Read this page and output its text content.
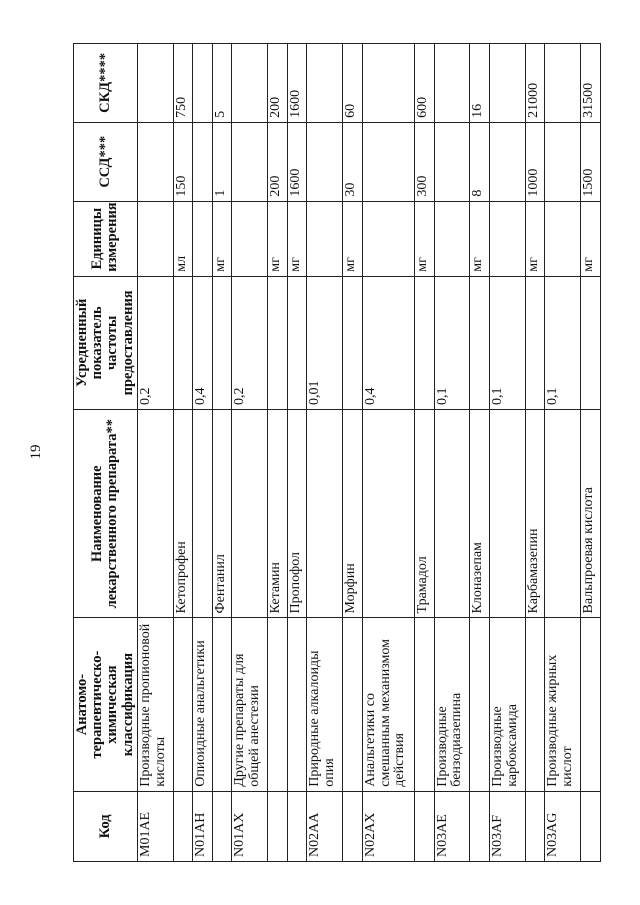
19
Код	Анатомо-терапевтическо-химическая классификация	Наименование лекарственного препарата**	Усредненный показатель частоты предоставления	Единицы измерения	ССД***	СКД****
M01AE	Производные пропионовой кислоты		0,2			
		Кетопрофен		мл	150	750
N01AH	Опиоидные анальгетики		0,4			
		Фентанил		мг	1	5
N01AX	Другие препараты для общей анестезии		0,2			
		Кетамин		мг	200	200
		Пропофол		мг	1600	1600
N02AA	Природные алкалоиды опия		0,01			
		Морфин		мг	30	60
N02AX	Анальгетики со смешанным механизмом действия		0,4			
		Трамадол		мг	300	600
N03AE	Производные бензодиазепина		0,1			
		Клоназепам		мг	8	16
N03AF	Производные карбоксамида		0,1			
		Карбамазепин		мг	1000	21000
N03AG	Производные жирных кислот		0,1			
		Вальпроевая кислота		мг	1500	31500
